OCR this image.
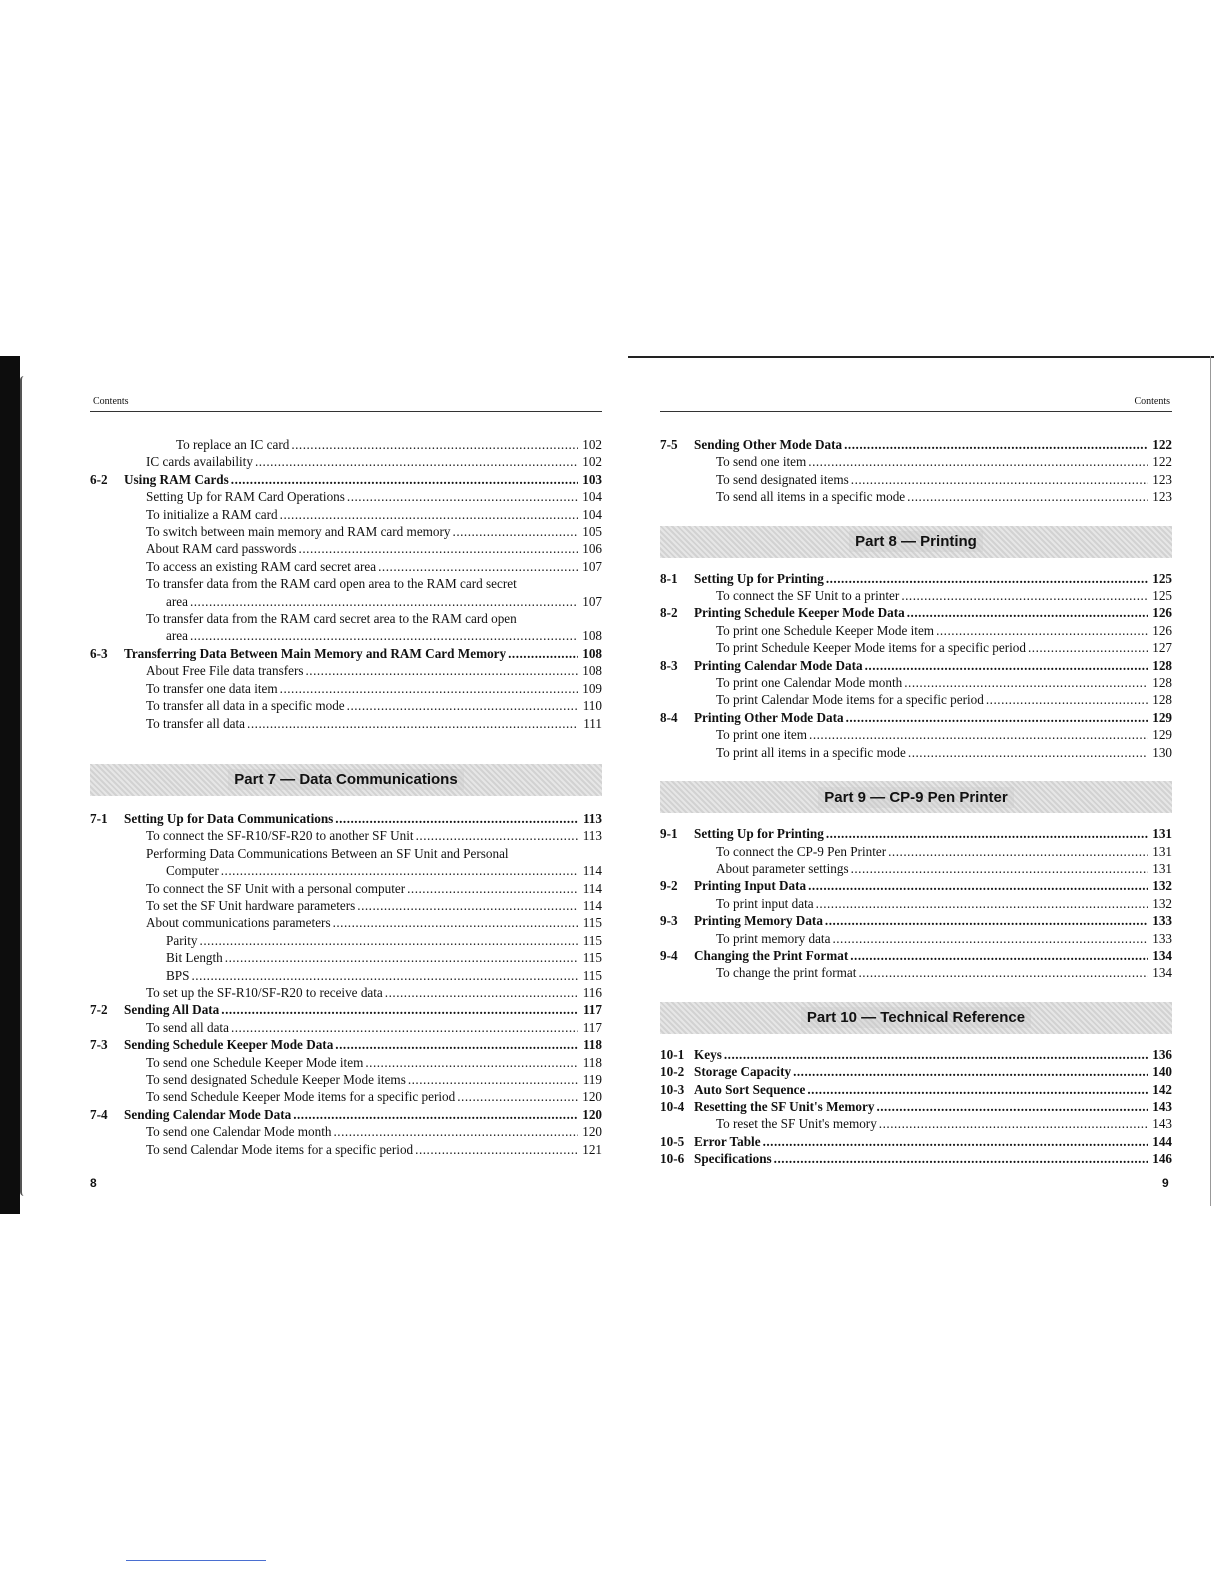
Contents
To replace an IC card .....	102
IC cards availability .....	102
6-2	Using RAM Cards .....	103
Setting Up for RAM Card Operations .....	104
To initialize a RAM card .....	104
To switch between main memory and RAM card memory .....	105
About RAM card passwords .....	106
To access an existing RAM card secret area .....	107
To transfer data from the RAM card open area to the RAM card secret
area .....	107
To transfer data from the RAM card secret area to the RAM card open
area .....	108
6-3	Transferring Data Between Main Memory and RAM Card Memory .....	108
About Free File data transfers .....	108
To transfer one data item .....	109
To transfer all data in a specific mode .....	110
To transfer all data .....	111
Part 7 — Data Communications
7-1	Setting Up for Data Communications .....	113
To connect the SF-R10/SF-R20 to another SF Unit .....	113
Performing Data Communications Between an SF Unit and Personal
Computer .....	114
To connect the SF Unit with a personal computer .....	114
To set the SF Unit hardware parameters .....	114
About communications parameters .....	115
Parity .....	115
Bit Length .....	115
BPS .....	115
To set up the SF-R10/SF-R20 to receive data .....	116
7-2	Sending All Data .....	117
To send all data .....	117
7-3	Sending Schedule Keeper Mode Data .....	118
To send one Schedule Keeper Mode item .....	118
To send designated Schedule Keeper Mode items .....	119
To send Schedule Keeper Mode items for a specific period .....	120
7-4	Sending Calendar Mode Data .....	120
To send one Calendar Mode month .....	120
To send Calendar Mode items for a specific period .....	121
8
Contents
7-5	Sending Other Mode Data .....	122
To send one item .....	122
To send designated items .....	123
To send all items in a specific mode .....	123
Part 8 — Printing
8-1	Setting Up for Printing .....	125
To connect the SF Unit to a printer .....	125
8-2	Printing Schedule Keeper Mode Data .....	126
To print one Schedule Keeper Mode item .....	126
To print Schedule Keeper Mode items for a specific period .....	127
8-3	Printing Calendar Mode Data .....	128
To print one Calendar Mode month .....	128
To print Calendar Mode items for a specific period .....	128
8-4	Printing Other Mode Data .....	129
To print one item .....	129
To print all items in a specific mode .....	130
Part 9 — CP-9 Pen Printer
9-1	Setting Up for Printing .....	131
To connect the CP-9 Pen Printer .....	131
About parameter settings .....	131
9-2	Printing Input Data .....	132
To print input data .....	132
9-3	Printing Memory Data .....	133
To print memory data .....	133
9-4	Changing the Print Format .....	134
To change the print format .....	134
Part 10 — Technical Reference
10-1 Keys .....	136
10-2 Storage Capacity .....	140
10-3 Auto Sort Sequence .....	142
10-4 Resetting the SF Unit's Memory .....	143
To reset the SF Unit's memory .....	143
10-5 Error Table .....	144
10-6 Specifications .....	146
9
